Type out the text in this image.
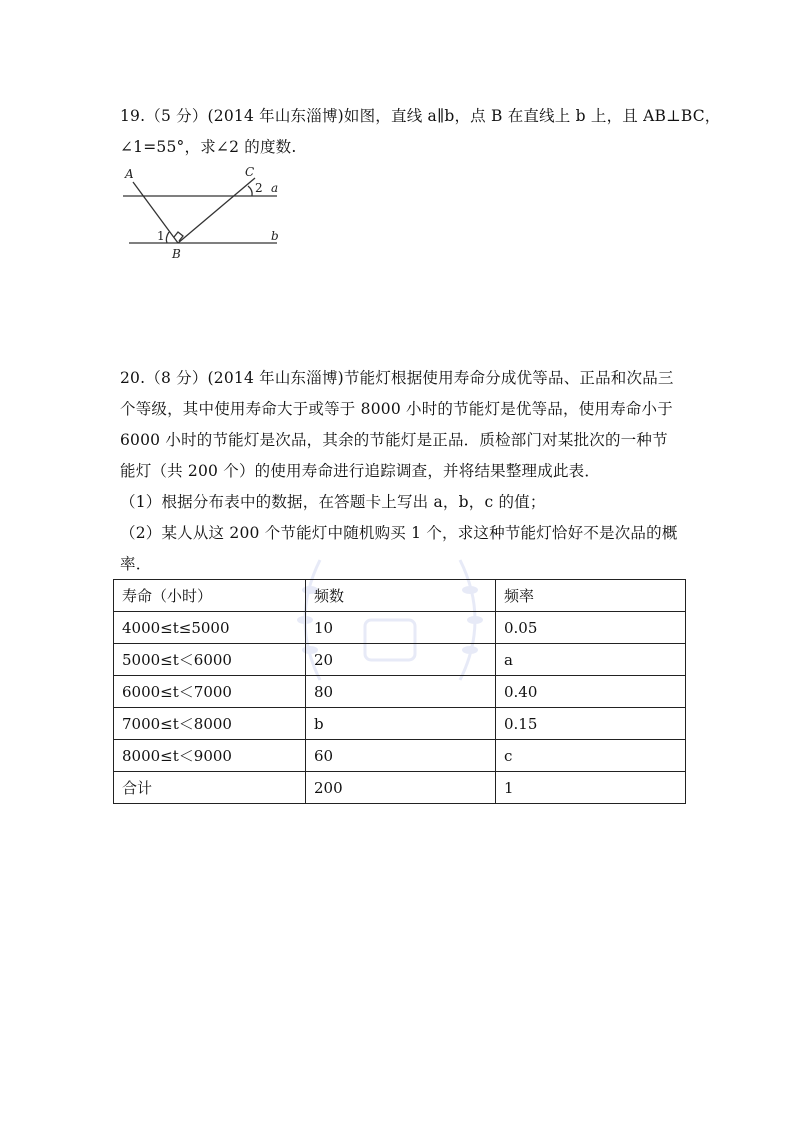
19.（5 分）(2014 年山东淄博)如图，直线 a∥b，点 B 在直线上 b 上，且 AB⊥BC，
∠1=55°，求∠2 的度数.
A	C
2 a
1
B
b
20.（8 分）(2014 年山东淄博)节能灯根据使用寿命分成优等品、正品和次品三
个等级，其中使用寿命大于或等于 8000 小时的节能灯是优等品，使用寿命小于
6000 小时的节能灯是次品，其余的节能灯是正品．质检部门对某批次的一种节
能灯（共 200 个）的使用寿命进行追踪调查，并将结果整理成此表．
（1）根据分布表中的数据，在答题卡上写出 a，b，c 的值；
（2）某人从这 200 个节能灯中随机购买 1 个，求这种节能灯恰好不是次品的概
率．
寿命（小时）	频数	频率
4000≤t≤5000	10	0.05
5000≤t＜6000	20	a
6000≤t＜7000	80	0.40
7000≤t＜8000	b	0.15
8000≤t＜9000	60	c
合计	200	1
